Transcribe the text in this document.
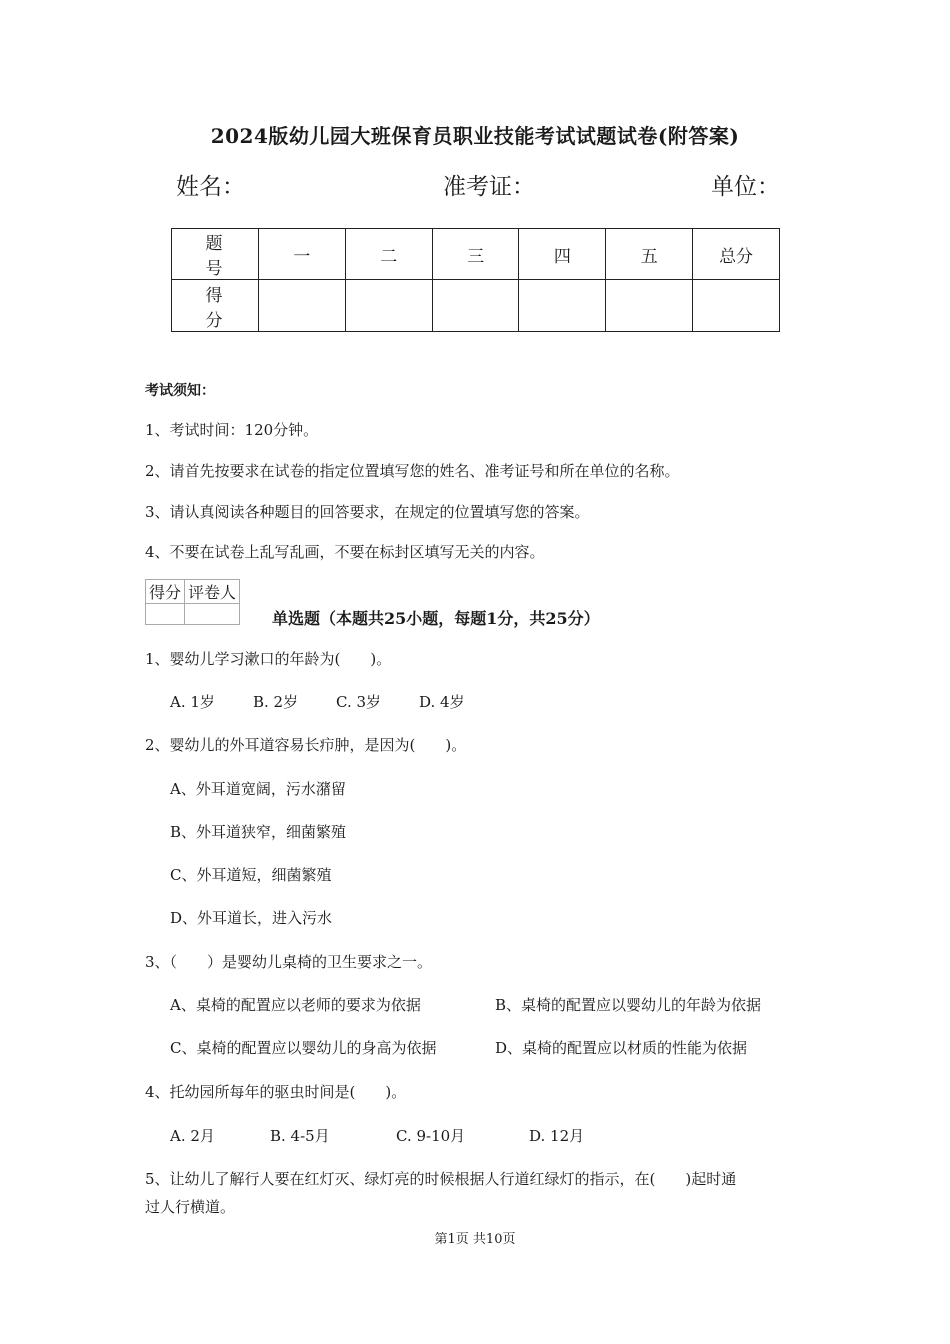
2024版幼儿园大班保育员职业技能考试试题试卷(附答案)
姓名：	准考证：	单位：
题 号	一	二	三	四	五	总分
得 分						
考试须知：
1、考试时间：120分钟。
2、请首先按要求在试卷的指定位置填写您的姓名、准考证号和所在单位的名称。
3、请认真阅读各种题目的回答要求，在规定的位置填写您的答案。
4、不要在试卷上乱写乱画，不要在标封区填写无关的内容。
得分	评卷人

单选题（本题共25小题，每题1分，共25分）
1、婴幼儿学习漱口的年龄为(　　)。
A. 1岁	B. 2岁	C. 3岁	D. 4岁
2、婴幼儿的外耳道容易长疖肿，是因为(　　)。
A、外耳道宽阔，污水潴留
B、外耳道狭窄，细菌繁殖
C、外耳道短，细菌繁殖
D、外耳道长，进入污水
3、（　　）是婴幼儿桌椅的卫生要求之一。
A、桌椅的配置应以老师的要求为依据	B、桌椅的配置应以婴幼儿的年龄为依据
C、桌椅的配置应以婴幼儿的身高为依据	D、桌椅的配置应以材质的性能为依据
4、托幼园所每年的驱虫时间是(　　)。
A. 2月	B. 4-5月	C. 9-10月	D. 12月
5、让幼儿了解行人要在红灯灭、绿灯亮的时候根据人行道红绿灯的指示，在(　　)起时通
过人行横道。
第1页 共10页
